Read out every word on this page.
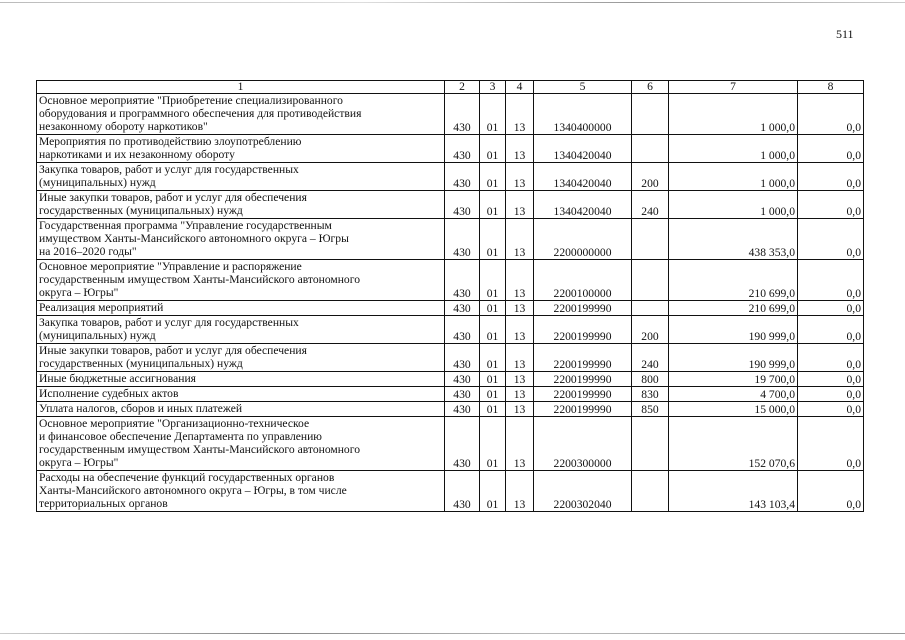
511
1	2	3	4	5	6	7	8

Основное мероприятие "Приобретение специализированного
оборудования и программного обеспечения для противодействия
незаконному обороту наркотиков"	430	01	13	1340400000		1 000,0	0,0

Мероприятия по противодействию злоупотреблению
наркотиками и их незаконному обороту	430	01	13	1340420040		1 000,0	0,0

Закупка товаров, работ и услуг для государственных
(муниципальных) нужд	430	01	13	1340420040	200	1 000,0	0,0

Иные закупки товаров, работ и услуг для обеспечения
государственных (муниципальных) нужд	430	01	13	1340420040	240	1 000,0	0,0

Государственная программа "Управление государственным
имуществом Ханты-Мансийского автономного округа – Югры
на 2016–2020 годы"	430	01	13	2200000000		438 353,0	0,0

Основное мероприятие "Управление и распоряжение
государственным имуществом Ханты-Мансийского автономного
округа – Югры"	430	01	13	2200100000		210 699,0	0,0

Реализация мероприятий	430	01	13	2200199990		210 699,0	0,0

Закупка товаров, работ и услуг для государственных
(муниципальных) нужд	430	01	13	2200199990	200	190 999,0	0,0

Иные закупки товаров, работ и услуг для обеспечения
государственных (муниципальных) нужд	430	01	13	2200199990	240	190 999,0	0,0

Иные бюджетные ассигнования	430	01	13	2200199990	800	19 700,0	0,0

Исполнение судебных актов	430	01	13	2200199990	830	4 700,0	0,0

Уплата налогов, сборов и иных платежей	430	01	13	2200199990	850	15 000,0	0,0

Основное мероприятие "Организационно-техническое
и финансовое обеспечение Департамента по управлению
государственным имуществом Ханты-Мансийского автономного
округа – Югры"	430	01	13	2200300000		152 070,6	0,0

Расходы на обеспечение функций государственных органов
Ханты-Мансийского автономного округа – Югры, в том числе
территориальных органов	430	01	13	2200302040		143 103,4	0,0
